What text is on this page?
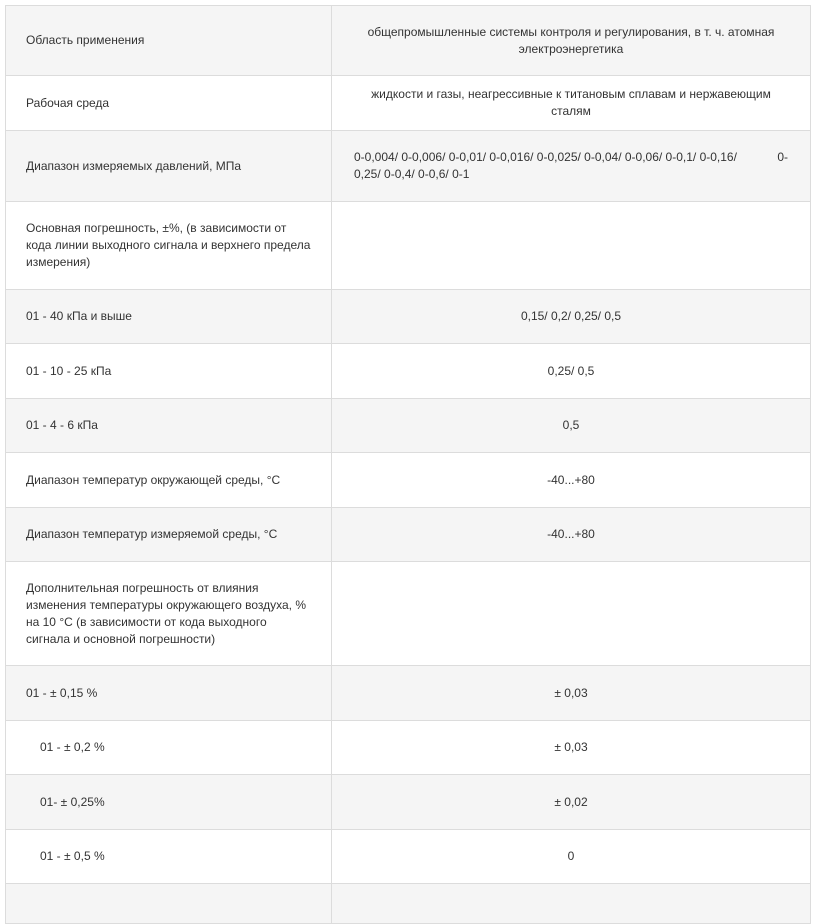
Область применения	общепромышленные системы контроля и регулирования, в т. ч. атомная электроэнергетика
Рабочая среда	жидкости и газы, неагрессивные к титановым сплавам и нержавеющим сталям
Диапазон измеряемых давлений, МПа	0-0,004/ 0-0,006/ 0-0,01/ 0-0,016/ 0-0,025/ 0-0,04/ 0-0,06/ 0-0,1/ 0-0,16/ 0-
0,25/ 0-0,4/ 0-0,6/ 0-1

Основная погрешность, ±%, (в зависимости от кода линии выходного сигнала и верхнего предела измерения)	
01 - 40 кПа и выше	0,15/ 0,2/ 0,25/ 0,5
01 - 10 - 25 кПа	0,25/ 0,5
01 - 4 - 6 кПа	0,5
Диапазон температур окружающей среды, °С	-40...+80
Диапазон температур измеряемой среды, °С	-40...+80
Дополнительная погрешность от влияния изменения температуры окружающего воздуха, % на 10 °С (в зависимости от кода выходного сигнала и основной погрешности)	
01 - ± 0,15 %	± 0,03
01 - ± 0,2 %	± 0,03
01- ± 0,25%	± 0,02
01 - ± 0,5 %	0
